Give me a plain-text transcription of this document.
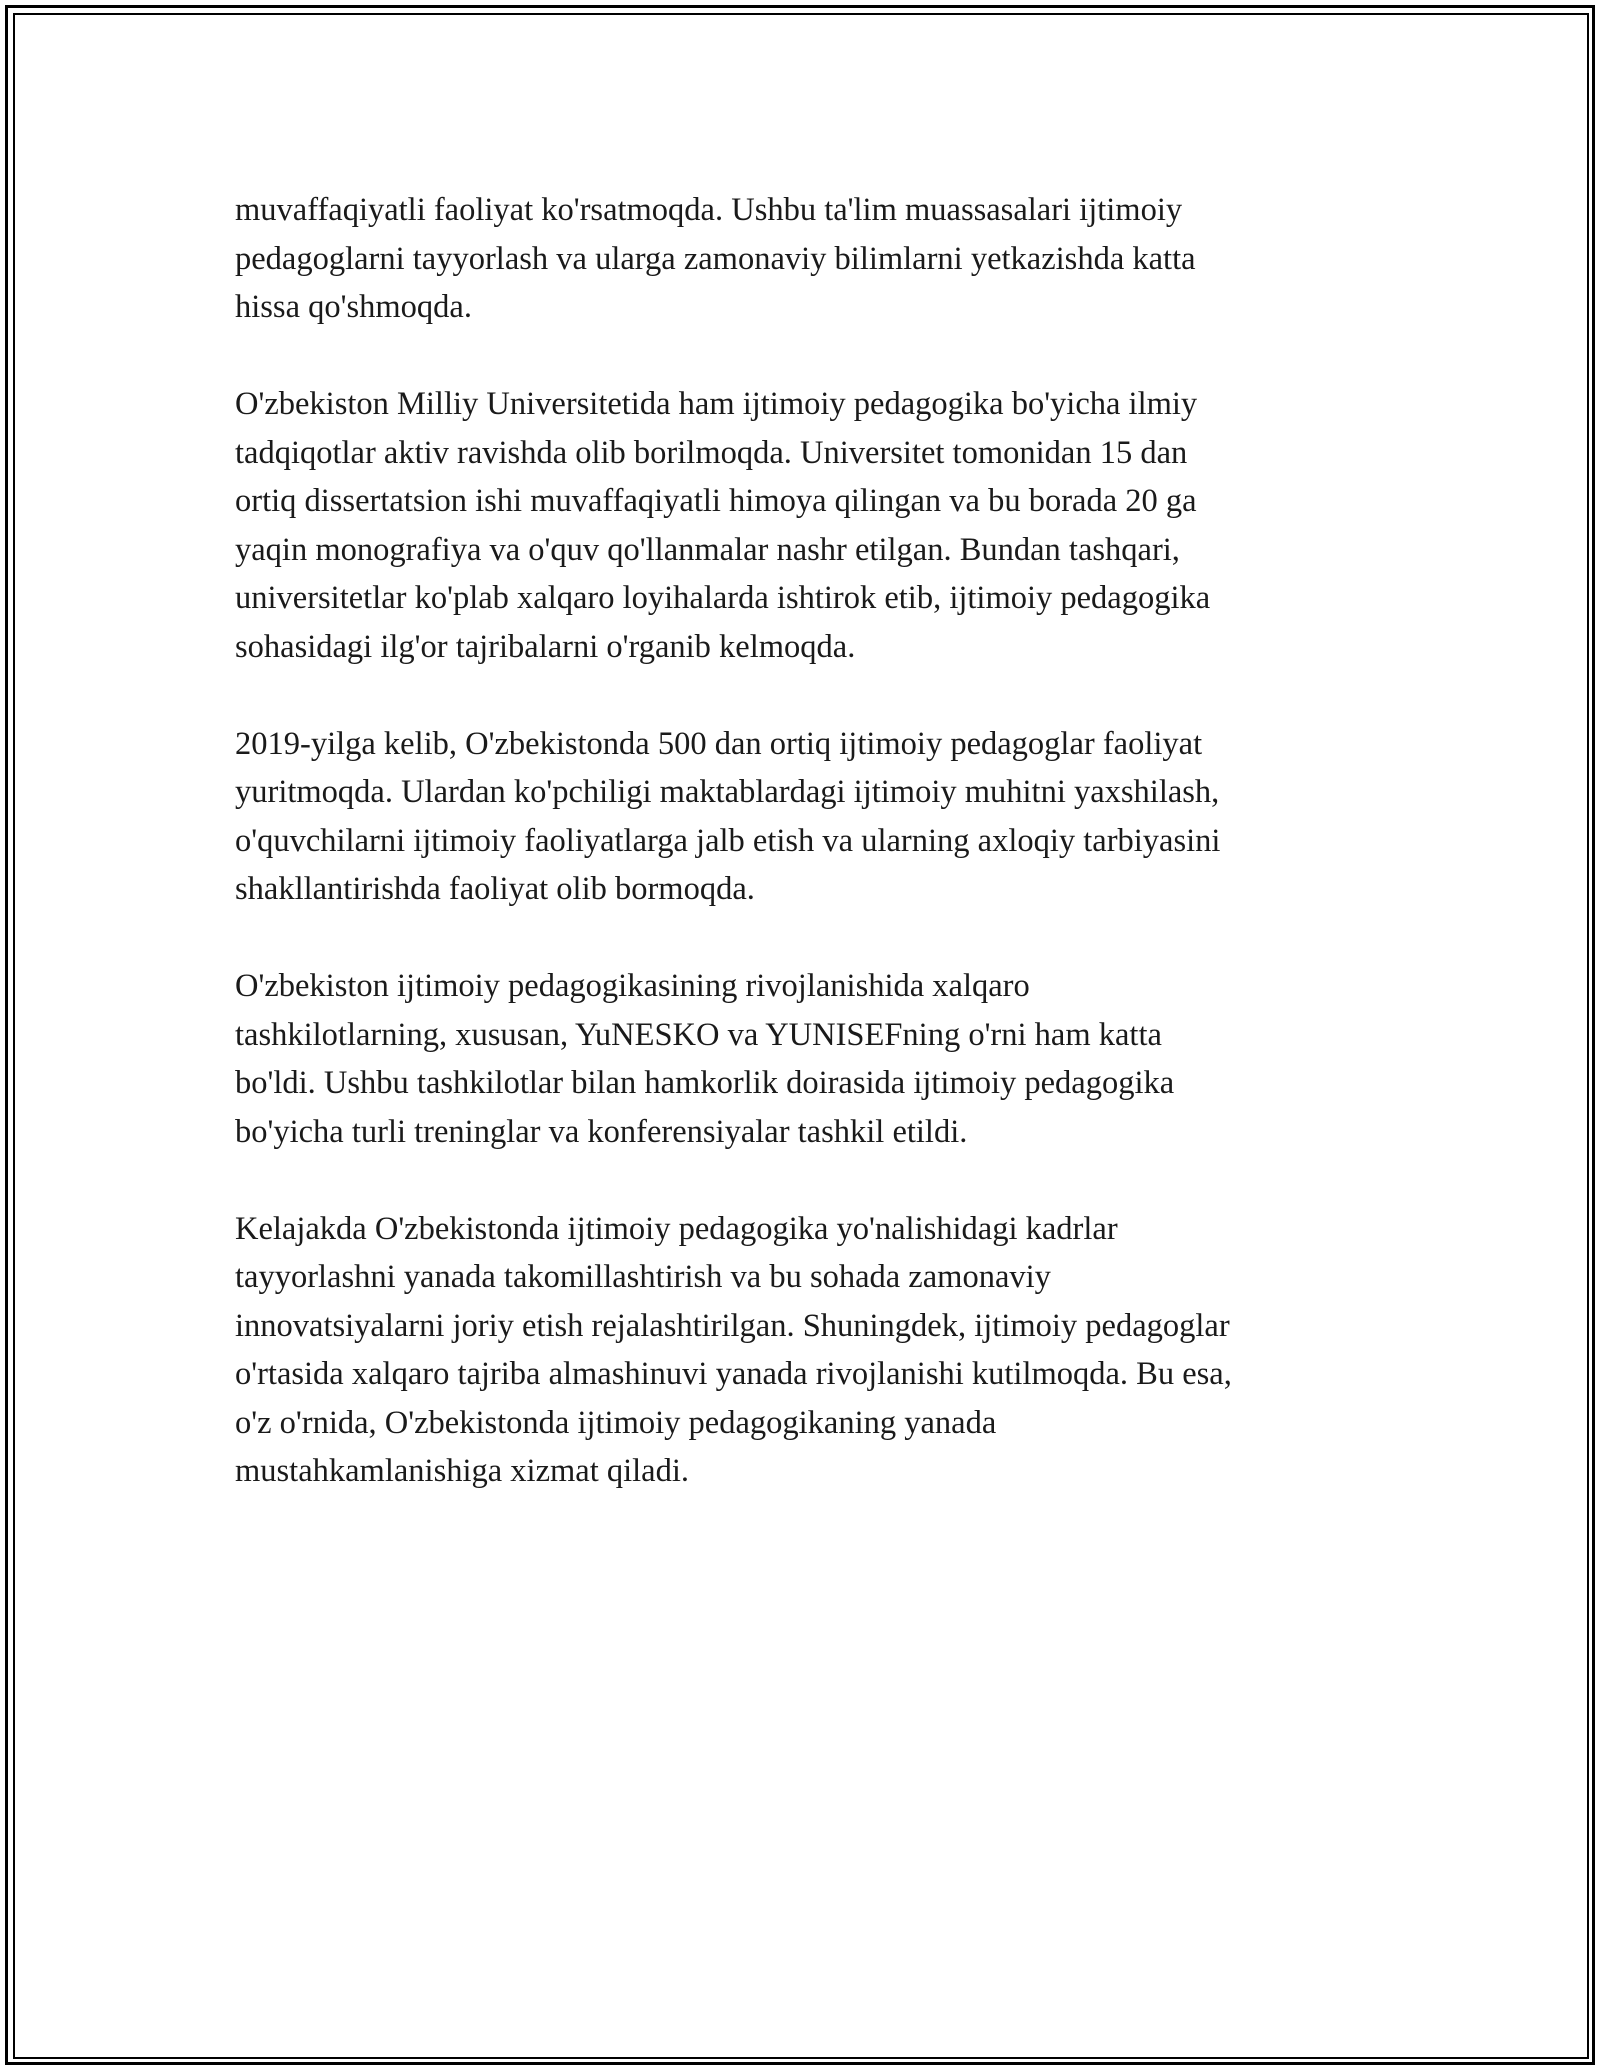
muvaffaqiyatli faoliyat ko'rsatmoqda. Ushbu ta'lim muassasalari ijtimoiy
pedagoglarni tayyorlash va ularga zamonaviy bilimlarni yetkazishda katta
hissa qo'shmoqda.

O'zbekiston Milliy Universitetida ham ijtimoiy pedagogika bo'yicha ilmiy
tadqiqotlar aktiv ravishda olib borilmoqda. Universitet tomonidan 15 dan
ortiq dissertatsion ishi muvaffaqiyatli himoya qilingan va bu borada 20 ga
yaqin monografiya va o'quv qo'llanmalar nashr etilgan. Bundan tashqari,
universitetlar ko'plab xalqaro loyihalarda ishtirok etib, ijtimoiy pedagogika
sohasidagi ilg'or tajribalarni o'rganib kelmoqda.

2019-yilga kelib, O'zbekistonda 500 dan ortiq ijtimoiy pedagoglar faoliyat
yuritmoqda. Ulardan ko'pchiligi maktablardagi ijtimoiy muhitni yaxshilash,
o'quvchilarni ijtimoiy faoliyatlarga jalb etish va ularning axloqiy tarbiyasini
shakllantirishda faoliyat olib bormoqda.

O'zbekiston ijtimoiy pedagogikasining rivojlanishida xalqaro
tashkilotlarning, xususan, YuNESKO va YUNISEFning o'rni ham katta
bo'ldi. Ushbu tashkilotlar bilan hamkorlik doirasida ijtimoiy pedagogika
bo'yicha turli treninglar va konferensiyalar tashkil etildi.

Kelajakda O'zbekistonda ijtimoiy pedagogika yo'nalishidagi kadrlar
tayyorlashni yanada takomillashtirish va bu sohada zamonaviy
innovatsiyalarni joriy etish rejalashtirilgan. Shuningdek, ijtimoiy pedagoglar
o'rtasida xalqaro tajriba almashinuvi yanada rivojlanishi kutilmoqda. Bu esa,
o'z o'rnida, O'zbekistonda ijtimoiy pedagogikaning yanada
mustahkamlanishiga xizmat qiladi.
